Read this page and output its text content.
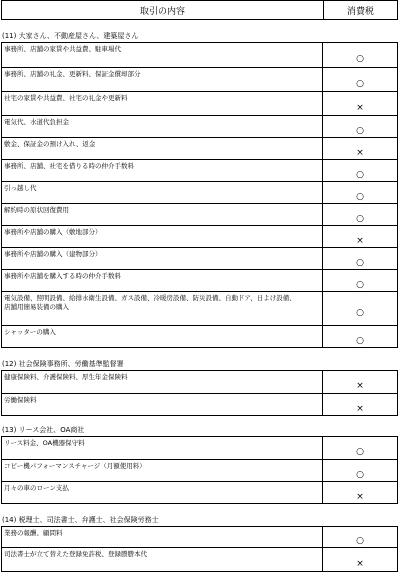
取引の内容	消費税
(11) 大家さん、不動産屋さん、建築屋さん
事務所、店舗の家賃や共益費、駐車場代
○
事務所、店舗の礼金、更新料、保証金償却部分
○
社宅の家賃や共益費、社宅の礼金や更新料
×
電気代、水道代負担金
○
敷金、保証金の預け入れ、返金
×
事務所、店舗、社宅を借りる時の仲介手数料
○
引っ越し代
○
解約時の原状回復費用
○
事務所や店舗の購入（敷地部分）
×
事務所や店舗の購入（建物部分）
○
事務所や店舗を購入する時の仲介手数料
○
電気設備、照明設備、給排水衛生設備、ガス設備、冷暖房設備、防災設備、自動ドア、日よけ設備、
店舗用簡易装備の購入
○
シャッターの購入
○
(12) 社会保険事務所、労働基準監督署
健康保険料、介護保険料、厚生年金保険料
×
労働保険料
×
(13) リース会社、OA商社
リース料金、OA機器保守料
○
コピー機パフォーマンスチャージ（月額使用料）
○
月々の車のローン支払
×
(14) 税理士、司法書士、弁護士、社会保険労務士
業務の報酬、顧問料
○
司法書士が立て替えた登録免許税、登録謄謄本代
×
